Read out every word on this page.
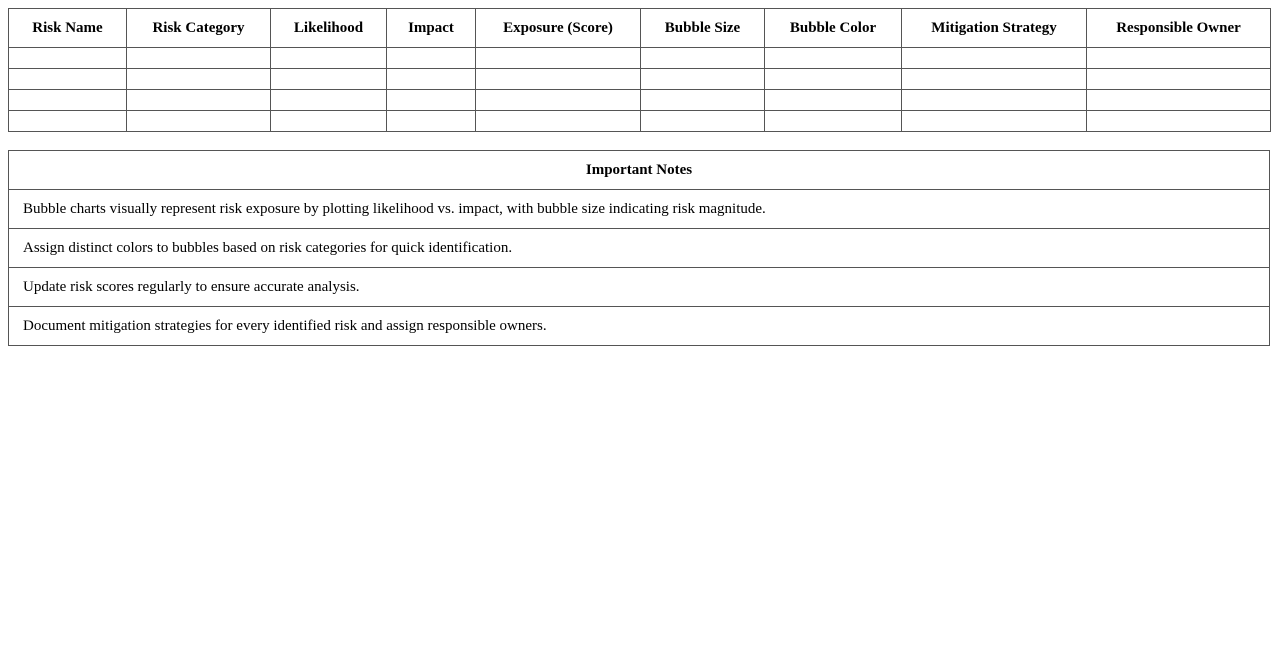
Risk Name	Risk Category	Likelihood	Impact	Exposure (Score)	Bubble Size	Bubble Color	Mitigation Strategy	Responsible Owner

Important Notes
Bubble charts visually represent risk exposure by plotting likelihood vs. impact, with bubble size indicating risk magnitude.
Assign distinct colors to bubbles based on risk categories for quick identification.
Update risk scores regularly to ensure accurate analysis.
Document mitigation strategies for every identified risk and assign responsible owners.
